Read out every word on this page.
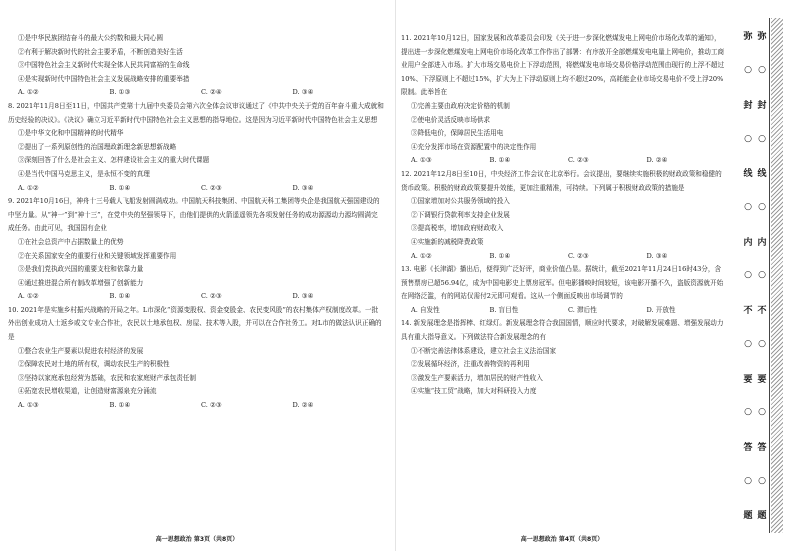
①是中华民族团结奋斗的最大公约数和最大同心圆
②有利于解决新时代的社会主要矛盾，不断创造美好生活
③中国特色社会主义新时代实现全体人民共同富裕的生命线
④是实现新时代中国特色社会主义发展战略安排的重要举措
A. ①②	B. ①③	C. ②④	D. ③④
8. 2021年11月8日至11日，中国共产党第十九届中央委员会第六次全体会议审议通过了《中共中央关于党的百年奋斗重大成就和历史经验的决议》。《决议》确立习近平新时代中国特色社会主义思想的指导地位。这是因为习近平新时代中国特色社会主义思想
①是中华文化和中国精神的时代精华
②提出了一系列原创性的治国理政新理念新思想新战略
③深刻回答了什么是社会主义、怎样建设社会主义的重大时代课题
④是当代中国马克思主义，是永恒不变的真理
A. ①②	B. ①④	C. ②③	D. ③④
9. 2021年10月16日，神舟十三号载人飞船发射圆满成功。中国航天科技集团、中国航天科工集团等央企是我国航天强国建设的中坚力量。从“神一”到“神十三”，在党中央的坚强领导下，由他们提供的火箭遥遥领先各项发射任务的成功源源动力源均圆满完成任务。由此可见，我国国有企业
①在社会总资产中占据数量上的优势
②在关系国家安全的重要行业和关键领域发挥重要作用
③是我们党执政兴国的重要支柱和依靠力量
④通过推进混合所有制改革增强了创新能力
A. ①②	B. ①④	C. ②③	D. ③④
10. 2021年是实施乡村振兴战略的开局之年。L市深化“资源变股权、资金变股金、农民变风股”的农村集体产权制度改革。一批外出创业成功人士返乡或文专业合作社，农民以土地承包权、房屋、技术等入股，并可以在合作社务工。对L市的做法认识正确的是
①整合农业生产要素以促进农村经济的发展
②保障农民对土地的所有权，调动农民生产的积极性
③坚持以家庭承包经营为基础，农民和农家庭财产承包责任制
④拓宽农民增收渠道，让创造财富源泉充分涌流
A. ①③	B. ①④	C. ②③	D. ②④
高一思想政治 第3页（共8页）
11. 2021年10月12日，国家发展和改革委员会印发《关于进一步深化燃煤发电上网电价市场化改革的通知》，提出进一步深化燃煤发电上网电价市场化改革工作作出了部署：有序放开全部燃煤发电电量上网电价，推动工商业用户全部进入市场。扩大市场交易电价上下浮动范围，将燃煤发电市场交易价格浮动范围由现行的上浮不超过10%、下浮原则上不超过15%，扩大为上下浮动原则上均不超过20%，高耗能企业市场交易电价不受上浮20%限制。此举旨在
①完善主要由政府决定价格的机制
②使电价灵活反映市场供求
③降低电价，保障居民生活用电
④充分发挥市场在资源配置中的决定性作用
A. ①③	B. ①④	C. ②③	D. ②④
12. 2021年12月8日至10日，中央经济工作会议在北京举行。会议提出，要继续实施积极的财政政策和稳健的货币政策。积极的财政政策要提升效能，更加注重精准，可持续。下列属于积极财政政策的措施是
①国家增加对公共服务领域的投入
②下调银行贷款利率支持企业发展
③提高税率，增加政府财政收入
④实施新的减税降费政策
A. ①②	B. ①④	C. ②③	D. ③④
13. 电影《长津湖》播出后，便得到广泛好评，商业价值凸显。据统计，截至2021年11月24日16时43分，含预售票房已超56.94亿，成为中国电影史上票房冠军。但电影播映时间较短，该电影开播不久，盗版资源就开始在网络泛滥，有的网站仅需付2元即可观看。这从一个侧面反映出市场调节的
A. 自发性	B. 盲目性	C. 滞后性	D. 开放性
14. 新发展理念是指挥棒、红绿灯。新发展理念符合我国国情，顺应时代要求，对破解发展难题、增强发展动力具有重大指导意义。下列做法符合新发展理念的有
①不断完善法律体系建设，建立社会主义法治国家
②发展循环经济，注重改善物资的再利用
③激发生产要素活力，增加居民的财产性收入
④实施“技工贸”战略，加大对科研投入力度
高一思想政治 第4页（共8页）
弥
○
封
○
线
○
内
○
不
○
要
○
答
○
题
弥
○
封
○
线
○
内
○
不
○
要
○
答
○
题
